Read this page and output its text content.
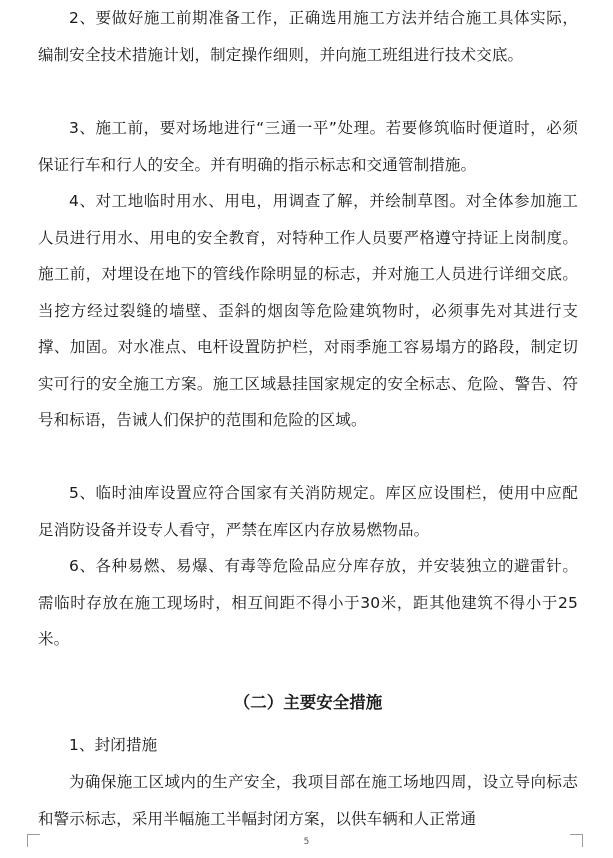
2、要做好施工前期准备工作，正确选用施工方法并结合施工具体实际，编制安全技术措施计划，制定操作细则，并向施工班组进行技术交底。

3、施工前，要对场地进行“三通一平”处理。若要修筑临时便道时，必须保证行车和行人的安全。并有明确的指示标志和交通管制措施。

4、对工地临时用水、用电，用调查了解，并绘制草图。对全体参加施工人员进行用水、用电的安全教育，对特种工作人员要严格遵守持证上岗制度。施工前，对埋设在地下的管线作除明显的标志，并对施工人员进行详细交底。当挖方经过裂缝的墙壁、歪斜的烟囱等危险建筑物时，必须事先对其进行支撑、加固。对水准点、电杆设置防护栏，对雨季施工容易塌方的路段，制定切实可行的安全施工方案。施工区域悬挂国家规定的安全标志、危险、警告、符号和标语，告诫人们保护的范围和危险的区域。

5、临时油库设置应符合国家有关消防规定。库区应设围栏，使用中应配足消防设备并设专人看守，严禁在库区内存放易燃物品。

6、各种易燃、易爆、有毒等危险品应分库存放，并安装独立的避雷针。需临时存放在施工现场时，相互间距不得小于30米，距其他建筑不得小于25米。

（二）主要安全措施

1、封闭措施

为确保施工区域内的生产安全，我项目部在施工场地四周，设立导向标志和警示标志，采用半幅施工半幅封闭方案，以供车辆和人正常通

5
